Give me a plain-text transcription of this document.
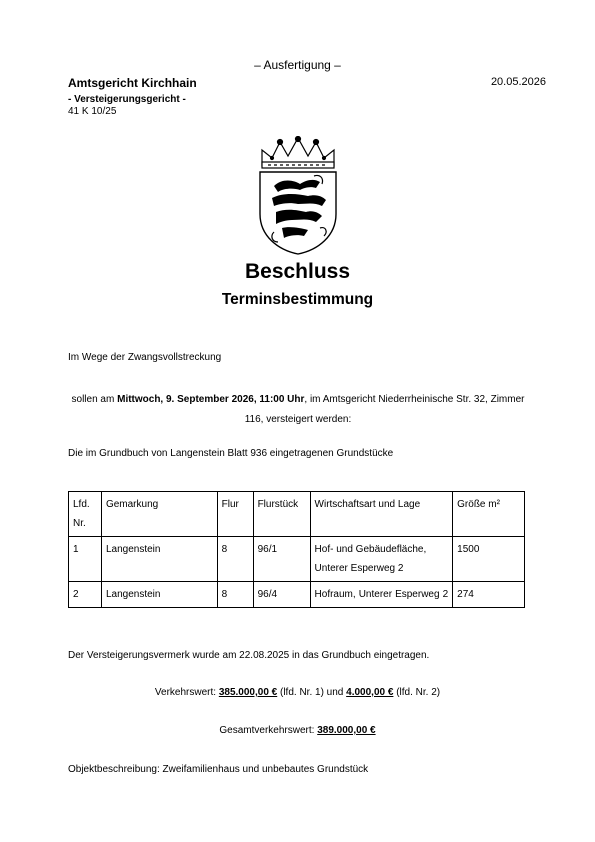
– Ausfertigung –
Amtsgericht Kirchhain
- Versteigerungsgericht -
41 K 10/25
20.05.2026
Beschluss
Terminsbestimmung
Im Wege der Zwangsvollstreckung
sollen am Mittwoch, 9. September 2026, 11:00 Uhr, im Amtsgericht Niederrheinische Str. 32, Zimmer 116, versteigert werden:
Die im Grundbuch von Langenstein Blatt 936 eingetragenen Grundstücke
Lfd. Nr.	Gemarkung	Flur	Flurstück	Wirtschaftsart und Lage	Größe m²
1	Langenstein	8	96/1	Hof- und Gebäudefläche, Unterer Esperweg 2	1500
2	Langenstein	8	96/4	Hofraum, Unterer Esperweg 2	274
Der Versteigerungsvermerk wurde am 22.08.2025 in das Grundbuch eingetragen.
Verkehrswert: 385.000,00 € (lfd. Nr. 1) und 4.000,00 € (lfd. Nr. 2)
Gesamtverkehrswert: 389.000,00 €
Objektbeschreibung: Zweifamilienhaus und unbebautes Grundstück
